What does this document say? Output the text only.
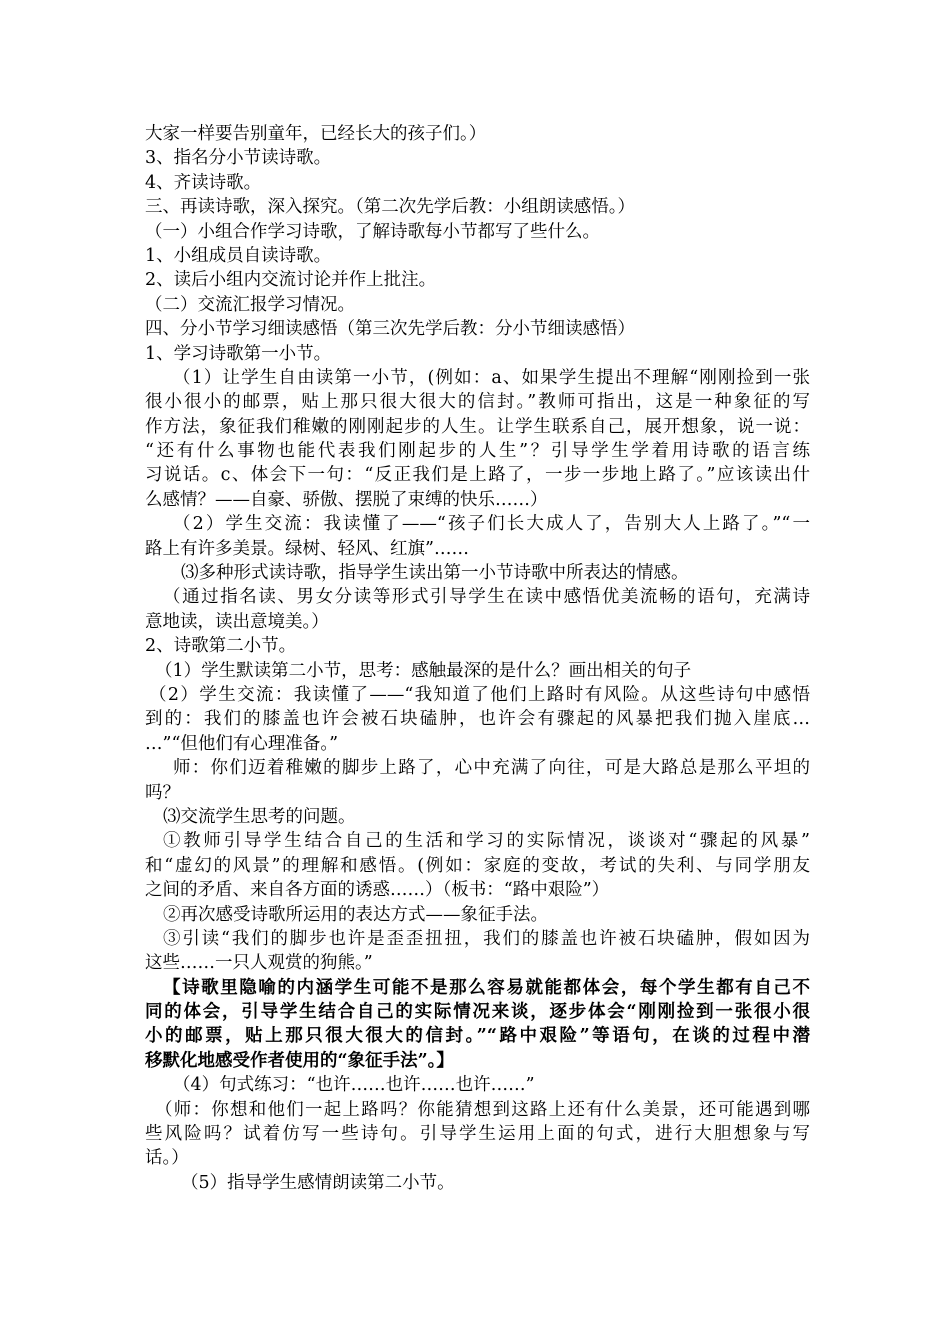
大家一样要告别童年，已经长大的孩子们。）
3、指名分小节读诗歌。
4、齐读诗歌。
三、再读诗歌，深入探究。（第二次先学后教：小组朗读感悟。）
（一）小组合作学习诗歌，了解诗歌每小节都写了些什么。
1、小组成员自读诗歌。
2、读后小组内交流讨论并作上批注。
（二）交流汇报学习情况。
四、分小节学习细读感悟（第三次先学后教：分小节细读感悟）
1、学习诗歌第一小节。
（1）让学生自由读第一小节，(例如：a、如果学生提出不理解“刚刚捡到一张
很小很小的邮票，贴上那只很大很大的信封。”教师可指出，这是一种象征的写
作方法，象征我们稚嫩的刚刚起步的人生。让学生联系自己，展开想象，说一说：
“还有什么事物也能代表我们刚起步的人生”？引导学生学着用诗歌的语言练
习说话。c、体会下一句：“反正我们是上路了，一步一步地上路了。”应该读出什
么感情？——自豪、骄傲、摆脱了束缚的快乐……）
（2）学生交流：我读懂了——“孩子们长大成人了，告别大人上路了。”“一
路上有许多美景。绿树、轻风、红旗”……
⑶多种形式读诗歌，指导学生读出第一小节诗歌中所表达的情感。
（通过指名读、男女分读等形式引导学生在读中感悟优美流畅的语句，充满诗
意地读，读出意境美。）
2、诗歌第二小节。
（1）学生默读第二小节，思考：感触最深的是什么？画出相关的句子
（2）学生交流：我读懂了——“我知道了他们上路时有风险。从这些诗句中感悟
到的：我们的膝盖也许会被石块磕肿，也许会有骤起的风暴把我们抛入崖底…
…”“但他们有心理准备。”
师：你们迈着稚嫩的脚步上路了，心中充满了向往，可是大路总是那么平坦的
吗？
⑶交流学生思考的问题。
①教师引导学生结合自己的生活和学习的实际情况，谈谈对“骤起的风暴”
和“虚幻的风景”的理解和感悟。(例如：家庭的变故，考试的失利、与同学朋友
之间的矛盾、来自各方面的诱惑……）（板书：“路中艰险”）
②再次感受诗歌所运用的表达方式——象征手法。
③引读“我们的脚步也许是歪歪扭扭，我们的膝盖也许被石块磕肿，假如因为
这些……一只人观赏的狗熊。”
【诗歌里隐喻的内涵学生可能不是那么容易就能都体会，每个学生都有自己不
同的体会，引导学生结合自己的实际情况来谈，逐步体会“刚刚捡到一张很小很
小的邮票，贴上那只很大很大的信封。”“路中艰险”等语句，在谈的过程中潜
移默化地感受作者使用的“象征手法”。】
（4）句式练习：“也许……也许……也许……”
（师：你想和他们一起上路吗？你能猜想到这路上还有什么美景，还可能遇到哪
些风险吗？试着仿写一些诗句。引导学生运用上面的句式，进行大胆想象与写
话。）
（5）指导学生感情朗读第二小节。
